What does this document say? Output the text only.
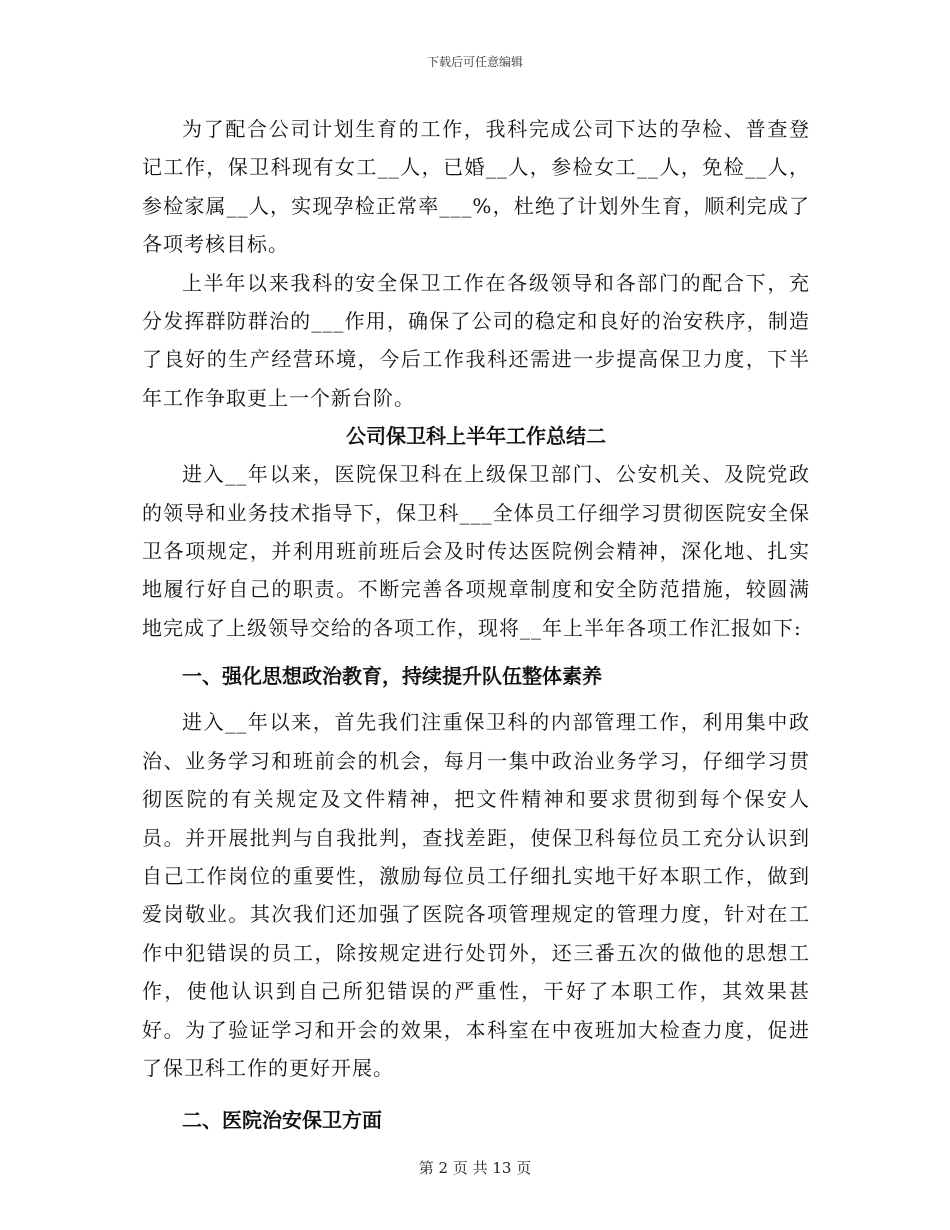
下载后可任意编辑

为了配合公司计划生育的工作，我科完成公司下达的孕检、普查登记工作，保卫科现有女工__人，已婚__人，参检女工__人，免检__人，参检家属__人，实现孕检正常率___%，杜绝了计划外生育，顺利完成了各项考核目标。

上半年以来我科的安全保卫工作在各级领导和各部门的配合下，充分发挥群防群治的___作用，确保了公司的稳定和良好的治安秩序，制造了良好的生产经营环境，今后工作我科还需进一步提高保卫力度，下半年工作争取更上一个新台阶。

公司保卫科上半年工作总结二

进入__年以来，医院保卫科在上级保卫部门、公安机关、及院党政的领导和业务技术指导下，保卫科___全体员工仔细学习贯彻医院安全保卫各项规定，并利用班前班后会及时传达医院例会精神，深化地、扎实地履行好自己的职责。不断完善各项规章制度和安全防范措施，较圆满地完成了上级领导交给的各项工作，现将__年上半年各项工作汇报如下:

一、强化思想政治教育，持续提升队伍整体素养

进入__年以来，首先我们注重保卫科的内部管理工作，利用集中政治、业务学习和班前会的机会，每月一集中政治业务学习，仔细学习贯彻医院的有关规定及文件精神，把文件精神和要求贯彻到每个保安人员。并开展批判与自我批判，查找差距，使保卫科每位员工充分认识到自己工作岗位的重要性，激励每位员工仔细扎实地干好本职工作，做到爱岗敬业。其次我们还加强了医院各项管理规定的管理力度，针对在工作中犯错误的员工，除按规定进行处罚外，还三番五次的做他的思想工作，使他认识到自己所犯错误的严重性，干好了本职工作，其效果甚好。为了验证学习和开会的效果，本科室在中夜班加大检查力度，促进了保卫科工作的更好开展。

二、医院治安保卫方面

第 2 页 共 13 页
